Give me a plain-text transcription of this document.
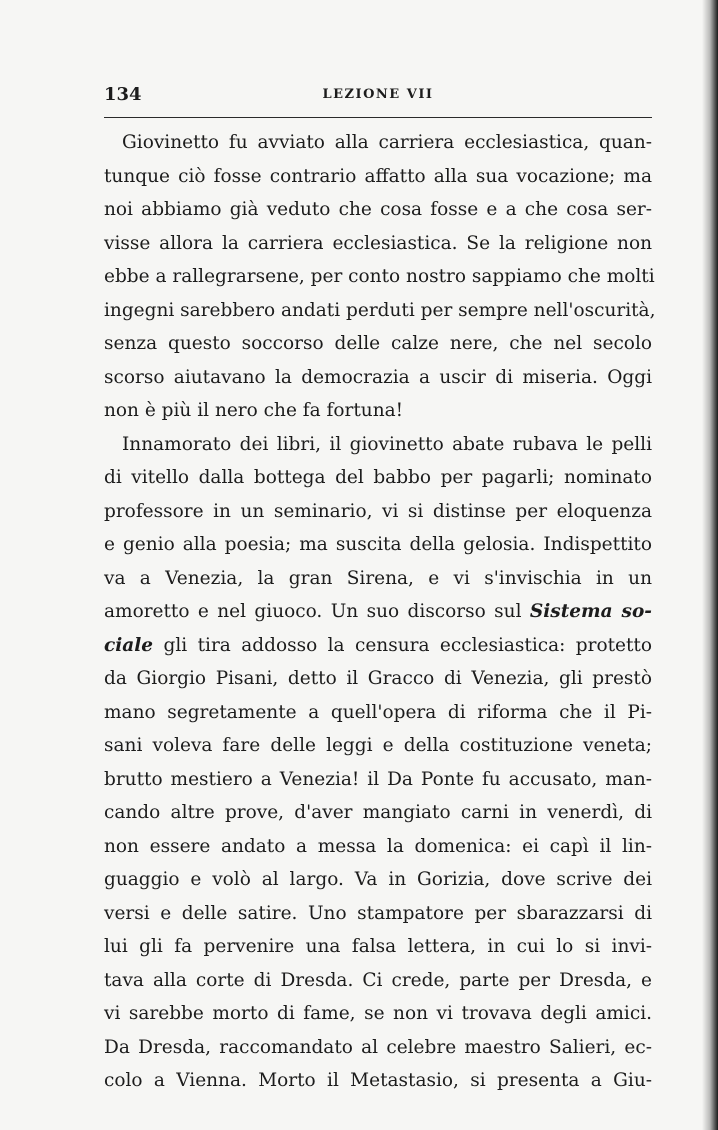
134	LEZIONE VII
Giovinetto fu avviato alla carriera ecclesiastica, quan-
tunque ciò fosse contrario affatto alla sua vocazione; ma
noi abbiamo già veduto che cosa fosse e a che cosa ser-
visse allora la carriera ecclesiastica. Se la religione non
ebbe a rallegrarsene, per conto nostro sappiamo che molti
ingegni sarebbero andati perduti per sempre nell'oscurità,
senza questo soccorso delle calze nere, che nel secolo
scorso aiutavano la democrazia a uscir di miseria. Oggi
non è più il nero che fa fortuna!
Innamorato dei libri, il giovinetto abate rubava le pelli
di vitello dalla bottega del babbo per pagarli; nominato
professore in un seminario, vi si distinse per eloquenza
e genio alla poesia; ma suscita della gelosia. Indispettito
va a Venezia, la gran Sirena, e vi s'invischia in un
amoretto e nel giuoco. Un suo discorso sul Sistema so-
ciale gli tira addosso la censura ecclesiastica: protetto
da Giorgio Pisani, detto il Gracco di Venezia, gli prestò
mano segretamente a quell'opera di riforma che il Pi-
sani voleva fare delle leggi e della costituzione veneta;
brutto mestiero a Venezia! il Da Ponte fu accusato, man-
cando altre prove, d'aver mangiato carni in venerdì, di
non essere andato a messa la domenica: ei capì il lin-
guaggio e volò al largo. Va in Gorizia, dove scrive dei
versi e delle satire. Uno stampatore per sbarazzarsi di
lui gli fa pervenire una falsa lettera, in cui lo si invi-
tava alla corte di Dresda. Ci crede, parte per Dresda, e
vi sarebbe morto di fame, se non vi trovava degli amici.
Da Dresda, raccomandato al celebre maestro Salieri, ec-
colo a Vienna. Morto il Metastasio, si presenta a Giu-
